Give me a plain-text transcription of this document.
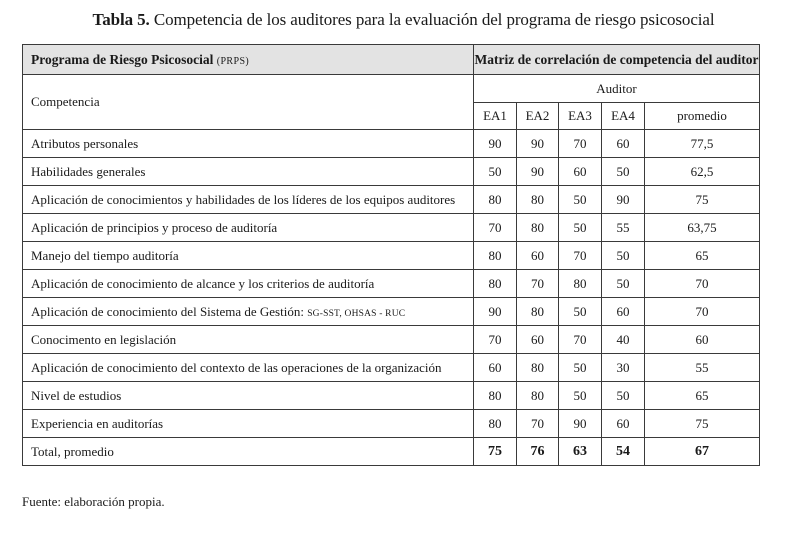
Tabla 5. Competencia de los auditores para la evaluación del programa de riesgo psicosocial
Programa de Riesgo Psicosocial (PRPS)	Matriz de correlación de competencia del auditor				
Competencia	Auditor				
	EA1	EA2	EA3	EA4	promedio
Atributos personales	90	90	70	60	77,5
Habilidades generales	50	90	60	50	62,5
Aplicación de conocimientos y habilidades de los líderes de los equipos auditores	80	80	50	90	75
Aplicación de principios y proceso de auditoría	70	80	50	55	63,75
Manejo del tiempo auditoría	80	60	70	50	65
Aplicación de conocimiento de alcance y los criterios de auditoría	80	70	80	50	70
Aplicación de conocimiento del Sistema de Gestión: SG-SST, OHSAS - RUC	90	80	50	60	70
Conocimento en legislación	70	60	70	40	60
Aplicación de conocimiento del contexto de las operaciones de la organización	60	80	50	30	55
Nivel de estudios	80	80	50	50	65
Experiencia en auditorías	80	70	90	60	75
Total, promedio	75	76	63	54	67
Fuente: elaboración propia.
